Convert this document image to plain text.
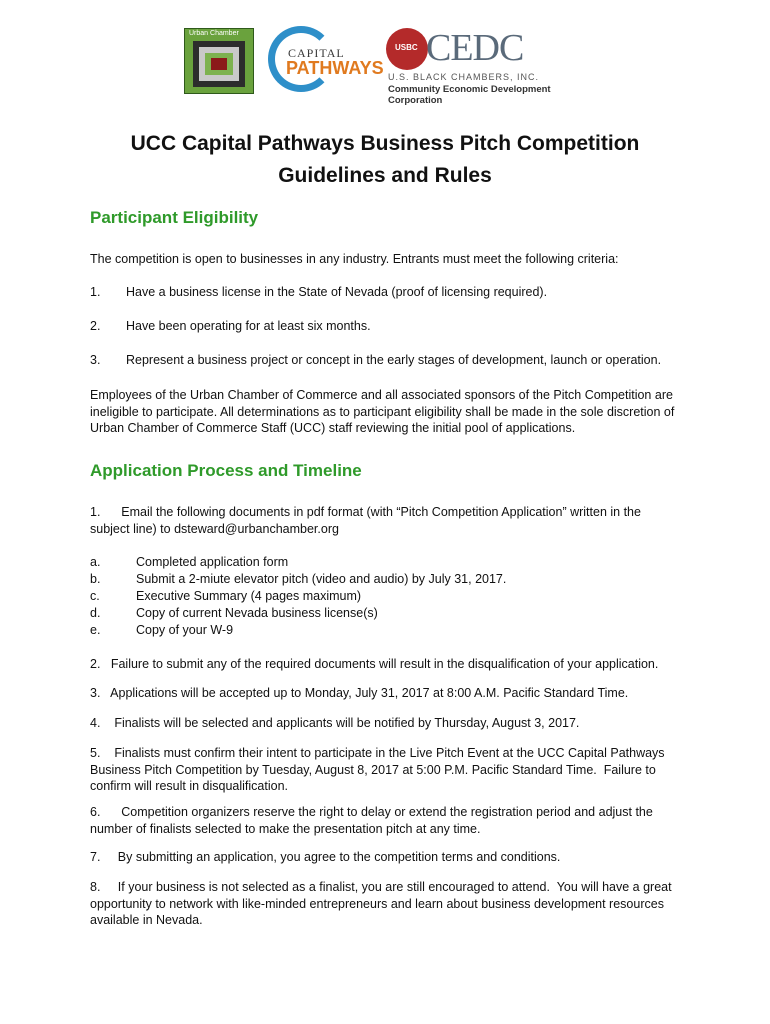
Urban Chamber
CAPITAL
PATHWAYS
USBC CEDC
U.S. BLACK CHAMBERS, INC.
Community Economic Development Corporation
UCC Capital Pathways Business Pitch Competition
Guidelines and Rules
Participant Eligibility

The competition is open to businesses in any industry. Entrants must meet the following criteria:

1. Have a business license in the State of Nevada (proof of licensing required).
2. Have been operating for at least six months.
3. Represent a business project or concept in the early stages of development, launch or operation.

Employees of the Urban Chamber of Commerce and all associated sponsors of the Pitch Competition are ineligible to participate. All determinations as to participant eligibility shall be made in the sole discretion of Urban Chamber of Commerce Staff (UCC) staff reviewing the initial pool of applications.

Application Process and Timeline

1.      Email the following documents in pdf format (with “Pitch Competition Application” written in the subject line) to dsteward@urbanchamber.org

a.	Completed application form
b.	Submit a 2-miute elevator pitch (video and audio) by July 31, 2017.
c.	Executive Summary (4 pages maximum)
d.	Copy of current Nevada business license(s)
e.	Copy of your W-9

2.   Failure to submit any of the required documents will result in the disqualification of your application.

3.   Applications will be accepted up to Monday, July 31, 2017 at 8:00 A.M. Pacific Standard Time.

4.    Finalists will be selected and applicants will be notified by Thursday, August 3, 2017.

5.    Finalists must confirm their intent to participate in the Live Pitch Event at the UCC Capital Pathways Business Pitch Competition by Tuesday, August 8, 2017 at 5:00 P.M. Pacific Standard Time.  Failure to confirm will result in disqualification.

6.      Competition organizers reserve the right to delay or extend the registration period and adjust the number of finalists selected to make the presentation pitch at any time.

7.     By submitting an application, you agree to the competition terms and conditions.

8.     If your business is not selected as a finalist, you are still encouraged to attend.  You will have a great opportunity to network with like-minded entrepreneurs and learn about business development resources available in Nevada.
